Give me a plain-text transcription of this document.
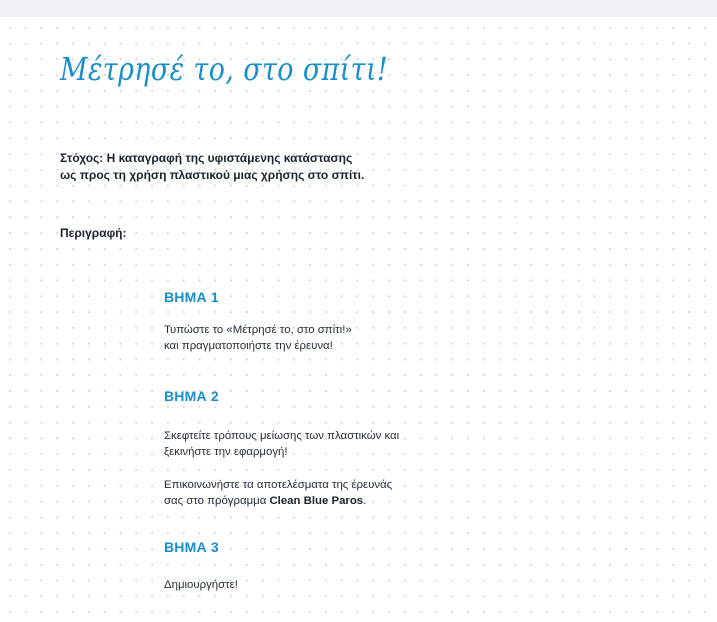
Μέτρησέ το, στο σπίτι!

Στόχος: Η καταγραφή της υφιστάμενης κατάστασης
ως προς τη χρήση πλαστικού μιας χρήσης στο σπίτι.

Περιγραφή:

ΒΗΜΑ 1

Τυπώστε το «Μέτρησέ το, στο σπίτι!»
και πραγματοποιήστε την έρευνα!

ΒΗΜΑ 2

Σκεφτείτε τρόπους μείωσης των πλαστικών και
ξεκινήστε την εφαρμογή!

Επικοινωνήστε τα αποτελέσματα της έρευνάς
σας στο πρόγραμμα Clean Blue Paros.

ΒΗΜΑ 3

Δημιουργήστε!
